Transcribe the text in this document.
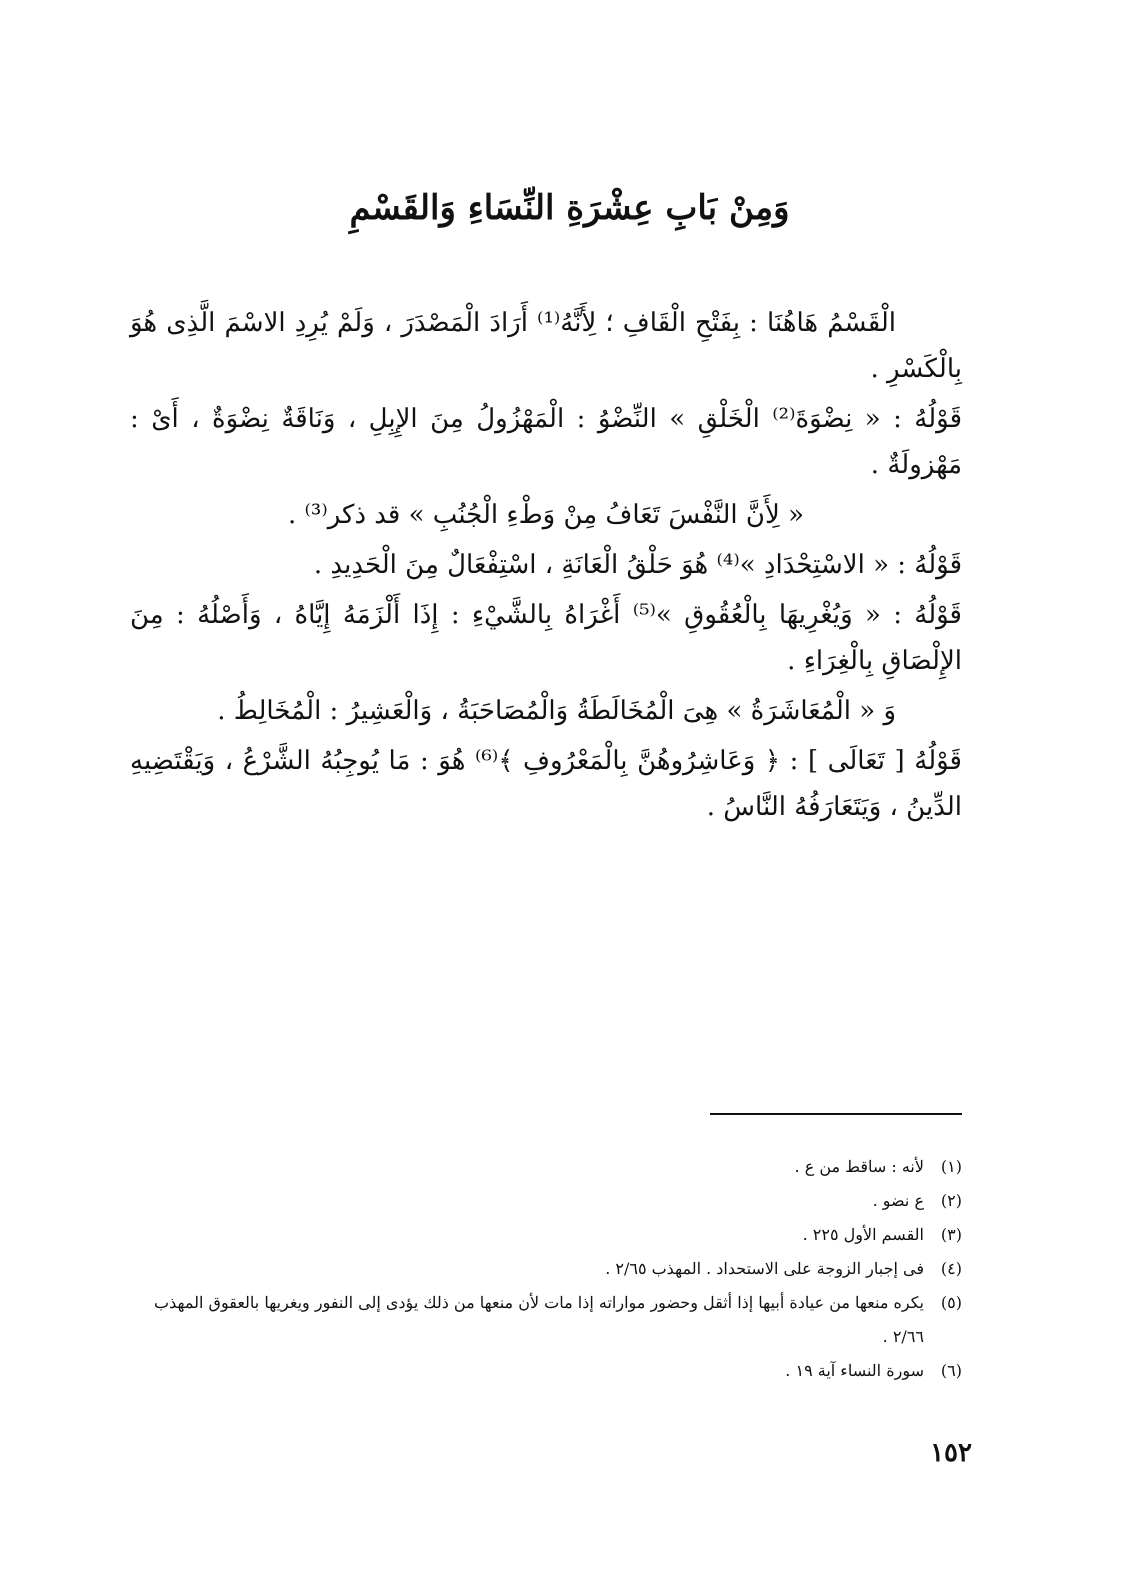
وَمِنْ بَابِ عِشْرَةِ النِّسَاءِ وَالقَسْمِ

الْقَسْمُ هَاهُنَا : بِفَتْحِ الْقَافِ ؛ لِأَنَّهُ⁽¹⁾ أَرَادَ الْمَصْدَرَ ، وَلَمْ يُرِدِ الاسْمَ الَّذِى هُوَ بِالْكَسْرِ .

قَوْلُهُ : « نِضْوَةَ⁽²⁾ الْخَلْقِ » النِّضْوُ : الْمَهْزُولُ مِنَ الإِبِلِ ، وَنَاقَةٌ نِضْوَةٌ ، أَىْ : مَهْزولَةٌ .

« لِأَنَّ النَّفْسَ تَعَافُ مِنْ وَطْءِ الْجُنُبِ » قد ذكر⁽³⁾ .

قَوْلُهُ : « الاسْتِحْدَادِ »⁽⁴⁾ هُوَ حَلْقُ الْعَانَةِ ، اسْتِفْعَالٌ مِنَ الْحَدِيدِ .

قَوْلُهُ : « وَيُغْرِيهَا بِالْعُقُوقِ »⁽⁵⁾ أَغْرَاهُ بِالشَّيْءِ : إِذَا أَلْزَمَهُ إِيَّاهُ ، وَأَصْلُهُ : مِنَ الإِلْصَاقِ بِالْغِرَاءِ .

وَ « الْمُعَاشَرَةُ » هِىَ الْمُخَالَطَةُ وَالْمُصَاحَبَةُ ، وَالْعَشِيرُ : الْمُخَالِطُ .

قَوْلُهُ [ تَعَالَى ] : ﴿ وَعَاشِرُوهُنَّ بِالْمَعْرُوفِ ﴾⁽⁶⁾ هُوَ : مَا يُوجِبُهُ الشَّرْعُ ، وَيَقْتَضِيهِ الدِّينُ ، وَيَتَعَارَفُهُ النَّاسُ .

(١)
لأنه : ساقط من ع .
(٢)
ع نضو .
(٣)
القسم الأول ٢٢٥ .
(٤)
فى إجبار الزوجة على الاستحداد . المهذب ٢/٦٥ .
(٥)
يكره منعها من عيادة أبيها إذا أثقل وحضور مواراته إذا مات لأن منعها من ذلك يؤدى إلى النفور ويغريها بالعقوق المهذب ٢/٦٦ .
(٦)
سورة النساء آية ١٩ .
١٥٢
